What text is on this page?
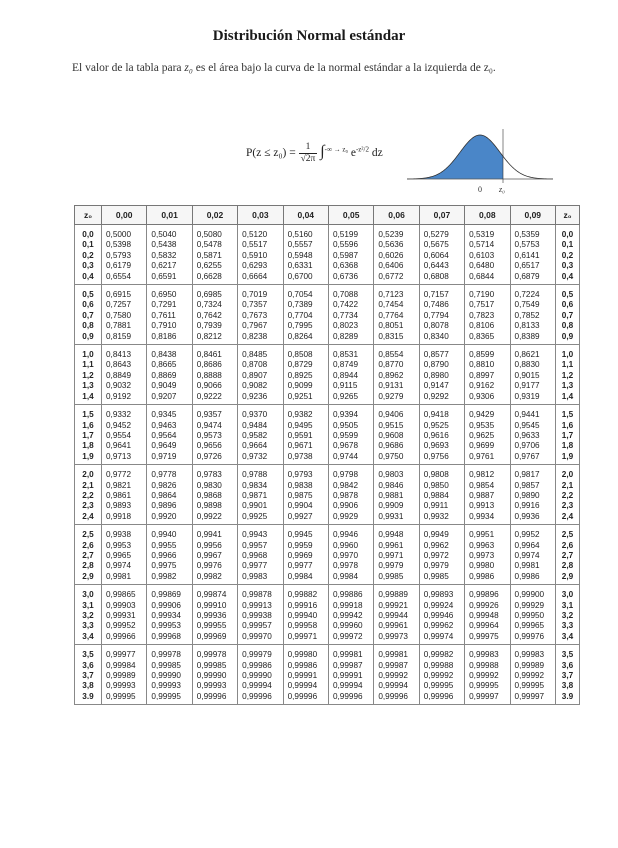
Distribución Normal estándar
El valor de la tabla para z₀ es el área bajo la curva de la normal estándar a la izquierda de z₀.
$P(z \le z_0) = \frac{1}{√2\pi} \int^{-\infty \to z_0}$ $e^{-z^2/2}$ dz
0 z₀
z₀	0,00	0,01	0,02	0,03	0,04	0,05	0,06	0,07	0,08	0,09	z₀
0,0	0,5000	0,5040	0,5080	0,5120	0,5160	0,5199	0,5239	0,5279	0,5319	0,5359	0,0
0,1	0,5398	0,5438	0,5478	0,5517	0,5557	0,5596	0,5636	0,5675	0,5714	0,5753	0,1
0,2	0,5793	0,5832	0,5871	0,5910	0,5948	0,5987	0,6026	0,6064	0,6103	0,6141	0,2
0,3	0,6179	0,6217	0,6255	0,6293	0,6331	0,6368	0,6406	0,6443	0,6480	0,6517	0,3
0,4	0,6554	0,6591	0,6628	0,6664	0,6700	0,6736	0,6772	0,6808	0,6844	0,6879	0,4
0,5	0,6915	0,6950	0,6985	0,7019	0,7054	0,7088	0,7123	0,7157	0,7190	0,7224	0,5
0,6	0,7257	0,7291	0,7324	0,7357	0,7389	0,7422	0,7454	0,7486	0,7517	0,7549	0,6
0,7	0,7580	0,7611	0,7642	0,7673	0,7704	0,7734	0,7764	0,7794	0,7823	0,7852	0,7
0,8	0,7881	0,7910	0,7939	0,7967	0,7995	0,8023	0,8051	0,8078	0,8106	0,8133	0,8
0,9	0,8159	0,8186	0,8212	0,8238	0,8264	0,8289	0,8315	0,8340	0,8365	0,8389	0,9
1,0	0,8413	0,8438	0,8461	0,8485	0,8508	0,8531	0,8554	0,8577	0,8599	0,8621	1,0
1,1	0,8643	0,8665	0,8686	0,8708	0,8729	0,8749	0,8770	0,8790	0,8810	0,8830	1,1
1,2	0,8849	0,8869	0,8888	0,8907	0,8925	0,8944	0,8962	0,8980	0,8997	0,9015	1,2
1,3	0,9032	0,9049	0,9066	0,9082	0,9099	0,9115	0,9131	0,9147	0,9162	0,9177	1,3
1,4	0,9192	0,9207	0,9222	0,9236	0,9251	0,9265	0,9279	0,9292	0,9306	0,9319	1,4
1,5	0,9332	0,9345	0,9357	0,9370	0,9382	0,9394	0,9406	0,9418	0,9429	0,9441	1,5
1,6	0,9452	0,9463	0,9474	0,9484	0,9495	0,9505	0,9515	0,9525	0,9535	0,9545	1,6
1,7	0,9554	0,9564	0,9573	0,9582	0,9591	0,9599	0,9608	0,9616	0,9625	0,9633	1,7
1,8	0,9641	0,9649	0,9656	0,9664	0,9671	0,9678	0,9686	0,9693	0,9699	0,9706	1,8
1,9	0,9713	0,9719	0,9726	0,9732	0,9738	0,9744	0,9750	0,9756	0,9761	0,9767	1,9
2,0	0,9772	0,9778	0,9783	0,9788	0,9793	0,9798	0,9803	0,9808	0,9812	0,9817	2,0
2,1	0,9821	0,9826	0,9830	0,9834	0,9838	0,9842	0,9846	0,9850	0,9854	0,9857	2,1
2,2	0,9861	0,9864	0,9868	0,9871	0,9875	0,9878	0,9881	0,9884	0,9887	0,9890	2,2
2,3	0,9893	0,9896	0,9898	0,9901	0,9904	0,9906	0,9909	0,9911	0,9913	0,9916	2,3
2,4	0,9918	0,9920	0,9922	0,9925	0,9927	0,9929	0,9931	0,9932	0,9934	0,9936	2,4
2,5	0,9938	0,9940	0,9941	0,9943	0,9945	0,9946	0,9948	0,9949	0,9951	0,9952	2,5
2,6	0,9953	0,9955	0,9956	0,9957	0,9959	0,9960	0,9961	0,9962	0,9963	0,9964	2,6
2,7	0,9965	0,9966	0,9967	0,9968	0,9969	0,9970	0,9971	0,9972	0,9973	0,9974	2,7
2,8	0,9974	0,9975	0,9976	0,9977	0,9977	0,9978	0,9979	0,9979	0,9980	0,9981	2,8
2,9	0,9981	0,9982	0,9982	0,9983	0,9984	0,9984	0,9985	0,9985	0,9986	0,9986	2,9
3,0	0,99865	0,99869	0,99874	0,99878	0,99882	0,99886	0,99889	0,99893	0,99896	0,99900	3,0
3,1	0,99903	0,99906	0,99910	0,99913	0,99916	0,99918	0,99921	0,99924	0,99926	0,99929	3,1
3,2	0,99931	0,99934	0,99936	0,99938	0,99940	0,99942	0,99944	0,99946	0,99948	0,99950	3,2
3,3	0,99952	0,99953	0,99955	0,99957	0,99958	0,99960	0,99961	0,99962	0,99964	0,99965	3,3
3,4	0,99966	0,99968	0,99969	0,99970	0,99971	0,99972	0,99973	0,99974	0,99975	0,99976	3,4
3,5	0,99977	0,99978	0,99978	0,99979	0,99980	0,99981	0,99981	0,99982	0,99983	0,99983	3,5
3,6	0,99984	0,99985	0,99985	0,99986	0,99986	0,99987	0,99987	0,99988	0,99988	0,99989	3,6
3,7	0,99989	0,99990	0,99990	0,99990	0,99991	0,99991	0,99992	0,99992	0,99992	0,99992	3,7
3,8	0,99993	0,99993	0,99993	0,99994	0,99994	0,99994	0,99994	0,99995	0,99995	0,99995	3,8
3.9	0,99995	0,99995	0,99996	0,99996	0,99996	0,99996	0,99996	0,99996	0,99997	0,99997	3.9
